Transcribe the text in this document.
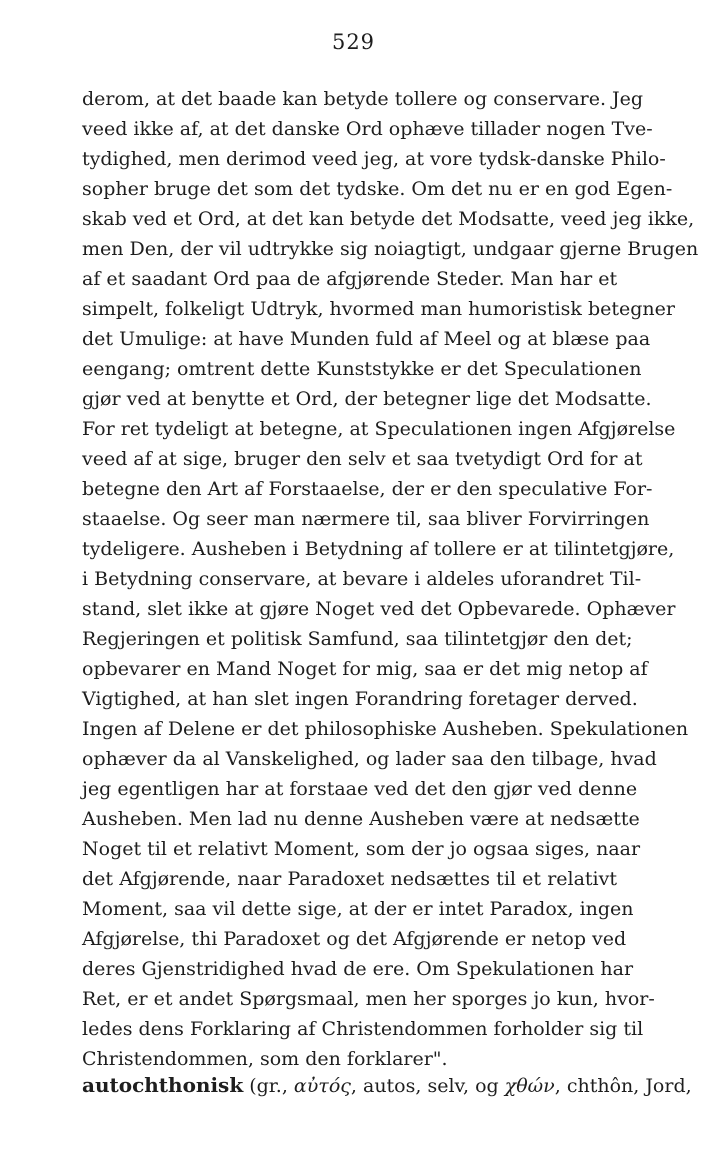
529
derom, at det baade kan betyde tollere og conservare. Jeg
veed ikke af, at det danske Ord ophæve tillader nogen Tve-
tydighed, men derimod veed jeg, at vore tydsk-danske Philo-
sopher bruge det som det tydske. Om det nu er en god Egen-
skab ved et Ord, at det kan betyde det Modsatte, veed jeg ikke,
men Den, der vil udtrykke sig noiagtigt, undgaar gjerne Brugen
af et saadant Ord paa de afgjørende Steder. Man har et
simpelt, folkeligt Udtryk, hvormed man humoristisk betegner
det Umulige: at have Munden fuld af Meel og at blæse paa
eengang; omtrent dette Kunststykke er det Speculationen
gjør ved at benytte et Ord, der betegner lige det Modsatte.
For ret tydeligt at betegne, at Speculationen ingen Afgjørelse
veed af at sige, bruger den selv et saa tvetydigt Ord for at
betegne den Art af Forstaaelse, der er den speculative For-
staaelse. Og seer man nærmere til, saa bliver Forvirringen
tydeligere. Ausheben i Betydning af tollere er at tilintetgjøre,
i Betydning conservare, at bevare i aldeles uforandret Til-
stand, slet ikke at gjøre Noget ved det Opbevarede. Ophæver
Regjeringen et politisk Samfund, saa tilintetgjør den det;
opbevarer en Mand Noget for mig, saa er det mig netop af
Vigtighed, at han slet ingen Forandring foretager derved.
Ingen af Delene er det philosophiske Ausheben. Spekulationen
ophæver da al Vanskelighed, og lader saa den tilbage, hvad
jeg egentligen har at forstaae ved det den gjør ved denne
Ausheben. Men lad nu denne Ausheben være at nedsætte
Noget til et relativt Moment, som der jo ogsaa siges, naar
det Afgjørende, naar Paradoxet nedsættes til et relativt
Moment, saa vil dette sige, at der er intet Paradox, ingen
Afgjørelse, thi Paradoxet og det Afgjørende er netop ved
deres Gjenstridighed hvad de ere. Om Spekulationen har
Ret, er et andet Spørgsmaal, men her sporges jo kun, hvor-
ledes dens Forklaring af Christendommen forholder sig til
Christendommen, som den forklarer".
autochthonisk (gr., αὐτός, autos, selv, og χθών, chthôn, Jord,
